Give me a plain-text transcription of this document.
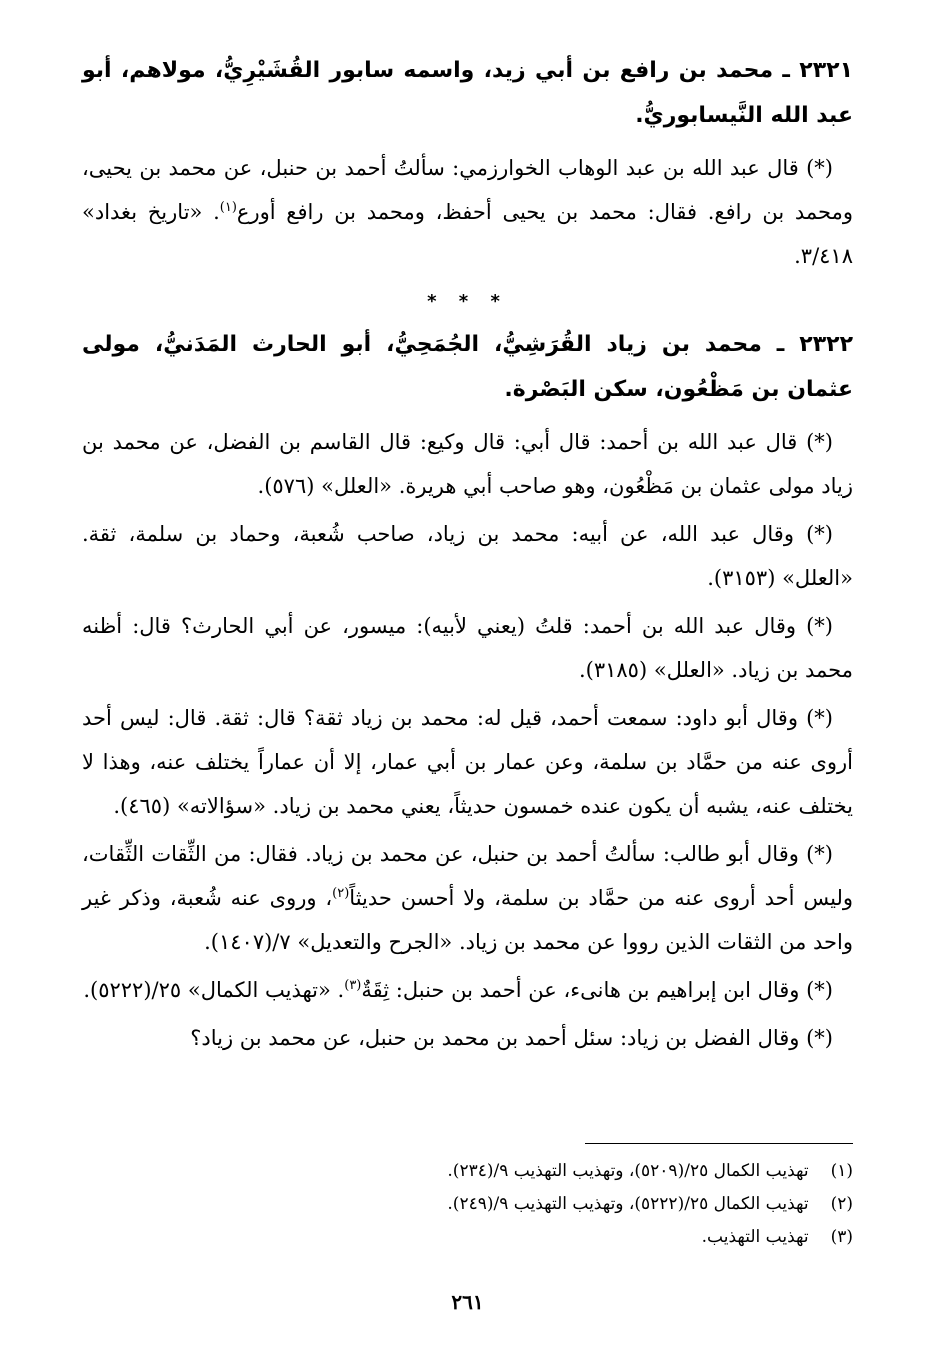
٢٣٢١ ـ محمد بن رافع بن أبي زيد، واسمه سابور القُشَيْرِيُّ، مولاهم، أبو عبد الله النَّيسابوريُّ.
(*) قال عبد الله بن عبد الوهاب الخوارزمي: سألتُ أحمد بن حنبل، عن محمد بن يحيى، ومحمد بن رافع. فقال: محمد بن يحيى أحفظ، ومحمد بن رافع أورع$^{(١)}$. «تاريخ بغداد» ٣/٤١٨.
* * *
٢٣٢٢ ـ محمد بن زياد القُرَشِيُّ، الجُمَحِيُّ، أبو الحارث المَدَنيُّ، مولى عثمان بن مَظْعُون، سكن البَصْرة.
(*) قال عبد الله بن أحمد: قال أبي: قال وكيع: قال القاسم بن الفضل، عن محمد بن زياد مولى عثمان بن مَظْعُون، وهو صاحب أبي هريرة. «العلل» (٥٧٦).
(*) وقال عبد الله، عن أبيه: محمد بن زياد، صاحب شُعبة، وحماد بن سلمة، ثقة. «العلل» (٣١٥٣).
(*) وقال عبد الله بن أحمد: قلتُ (يعني لأبيه): ميسور، عن أبي الحارث؟ قال: أظنه محمد بن زياد. «العلل» (٣١٨٥).
(*) وقال أبو داود: سمعت أحمد، قيل له: محمد بن زياد ثقة؟ قال: ثقة. قال: ليس أحد أروى عنه من حمَّاد بن سلمة، وعن عمار بن أبي عمار، إلا أن عماراً يختلف عنه، وهذا لا يختلف عنه، يشبه أن يكون عنده خمسون حديثاً، يعني محمد بن زياد. «سؤالاته» (٤٦٥).
(*) وقال أبو طالب: سألتُ أحمد بن حنبل، عن محمد بن زياد. فقال: من الثِّقات الثِّقات، وليس أحد أروى عنه من حمَّاد بن سلمة، ولا أحسن حديثاً$^{(٢)}$، وروى عنه شُعبة، وذكر غير واحد من الثقات الذين رووا عن محمد بن زياد. «الجرح والتعديل» ٧/(١٤٠٧).
(*) وقال ابن إبراهيم بن هانىء، عن أحمد بن حنبل: ثِقَةٌ$^{(٣)}$. «تهذيب الكمال» ٢٥/(٥٢٢٢).
(*) وقال الفضل بن زياد: سئل أحمد بن محمد بن حنبل، عن محمد بن زياد؟
(١)تهذيب الكمال ٢٥/(٥٢٠٩)، وتهذيب التهذيب ٩/(٢٣٤).
(٢)تهذيب الكمال ٢٥/(٥٢٢٢)، وتهذيب التهذيب ٩/(٢٤٩).
(٣)تهذيب التهذيب.
٢٦١
